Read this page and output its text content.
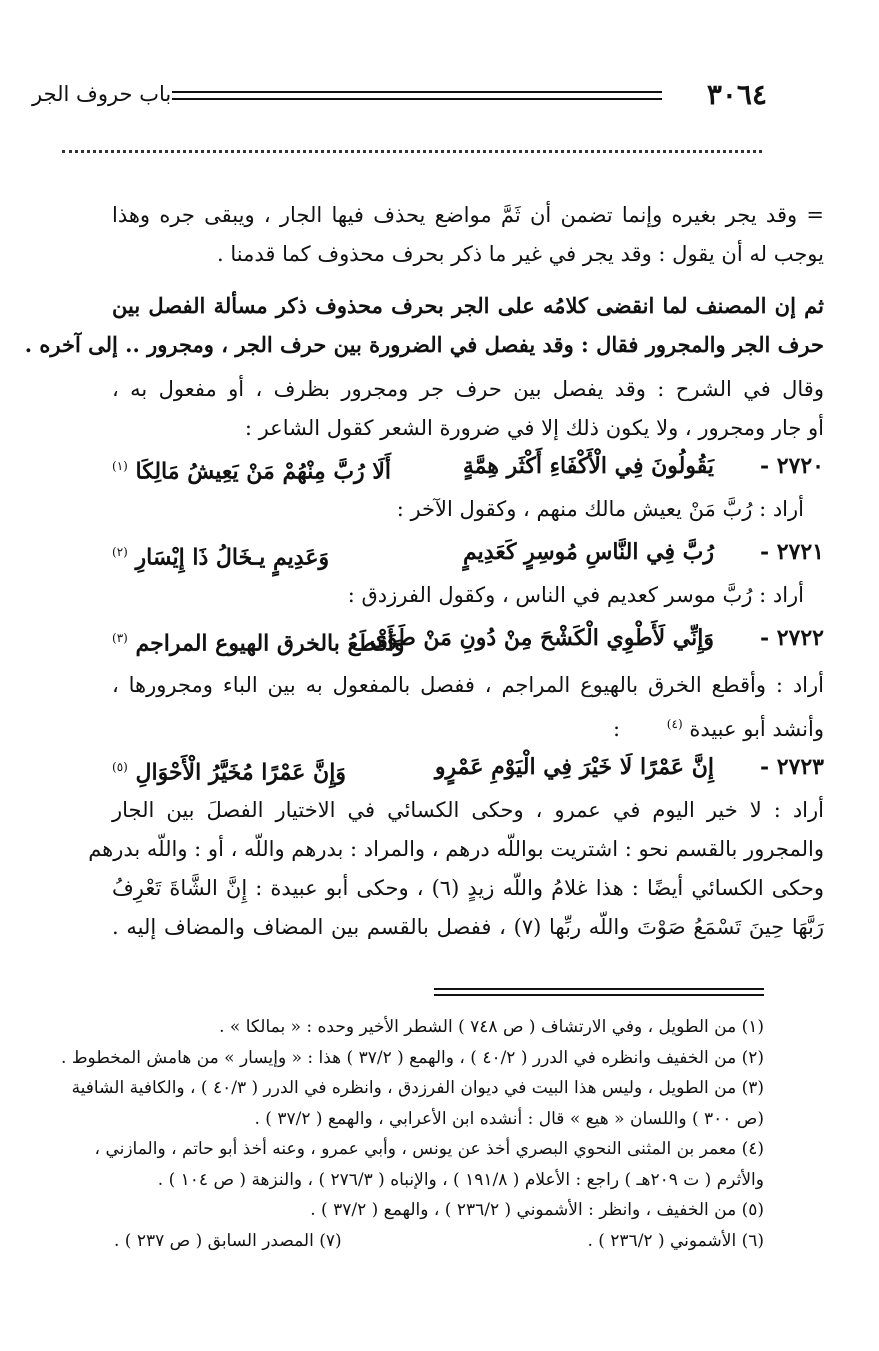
٣٠٦٤
باب حروف الجر
= وقد يجر بغيره وإنما تضمن أن ثَمَّ مواضع يحذف فيها الجار ، ويبقى جره وهذا
يوجب له أن يقول : وقد يجر في غير ما ذكر بحرف محذوف كما قدمنا .
ثم إن المصنف لما انقضى كلامُه على الجر بحرف محذوف ذكر مسألة الفصل بين
حرف الجر والمجرور فقال : وقد يفصل في الضرورة بين حرف الجر ، ومجرور .. إلى آخره .
وقال في الشرح : وقد يفصل بين حرف جر ومجرور بظرف ، أو مفعول به ،
أو جار ومجرور ، ولا يكون ذلك إلا في ضرورة الشعر كقول الشاعر :
٢٧٢٠ -
يَقُولُونَ فِي الْأَكْفَاءِ أَكْثَر هِمَّةٍ
أَلَا رُبَّ مِنْهُمْ مَنْ يَعِيشُ مَالِكَا $^{(١)}$
أراد : رُبَّ مَنْ يعيش مالك منهم ، وكقول الآخر :
٢٧٢١ -
رُبَّ فِي النَّاسِ مُوسِرٍ كَعَدِيمٍ
وَعَدِيمٍ يـخَالُ ذَا إِيْسَارِ $^{(٢)}$
أراد : رُبَّ موسر كعديم في الناس ، وكقول الفرزدق :
٢٧٢٢ -
وَإِنِّي لَأَطْوِي الْكَشْحَ مِنْ دُونِ مَنْ طَوَى
وَأَقْطَعُ بالخرق الهيوع المراجم $^{(٣)}$
أراد : وأقطع الخرق بالهيوع المراجم ، ففصل بالمفعول به بين الباء ومجرورها ،
وأنشد أبو عبيدة $^{(٤)}$ :
٢٧٢٣ -
إِنَّ عَمْرًا لَا خَيْرَ فِي الْيَوْمِ عَمْرٍو
وَإِنَّ عَمْرًا مُخَيَّرُ الْأَحْوَالِ $^{(٥)}$
أراد : لا خير اليوم في عمرو ، وحكى الكسائي في الاختيار الفصلَ بين الجار
والمجرور بالقسم نحو : اشتريت بواللّه درهم ، والمراد : بدرهم واللّه ، أو : واللّه بدرهم
وحكى الكسائي أيضًا : هذا غلامُ واللّه زيدٍ (٦) ، وحكى أبو عبيدة : إِنَّ الشَّاةَ تَعْرِفُ
رَبَّهَا حِينَ تَسْمَعُ صَوْتَ واللّه ربِّها (٧) ، ففصل بالقسم بين المضاف والمضاف إليه .
(١) من الطويل ، وفي الارتشاف ( ص ٧٤٨ ) الشطر الأخير وحده : « بمالكا » .
(٢) من الخفيف وانظره في الدرر ( ٤٠/٢ ) ، والهمع ( ٣٧/٢ ) هذا : « وإيسار » من هامش المخطوط .
(٣) من الطويل ، وليس هذا البيت في ديوان الفرزدق ، وانظره في الدرر ( ٤٠/٣ ) ، والكافية الشافية
(ص ٣٠٠ ) واللسان « هيع » قال : أنشده ابن الأعرابي ، والهمع ( ٣٧/٢ ) .
(٤) معمر بن المثنى النحوي البصري أخذ عن يونس ، وأبي عمرو ، وعنه أخذ أبو حاتم ، والمازني ،
والأثرم ( ت ٢٠٩هـ ) راجع : الأعلام ( ١٩١/٨ ) ، والإنباه ( ٢٧٦/٣ ) ، والنزهة ( ص ١٠٤ ) .
(٥) من الخفيف ، وانظر : الأشموني ( ٢٣٦/٢ ) ، والهمع ( ٣٧/٢ ) .
(٦) الأشموني ( ٢٣٦/٢ ) .
(٧) المصدر السابق ( ص ٢٣٧ ) .
